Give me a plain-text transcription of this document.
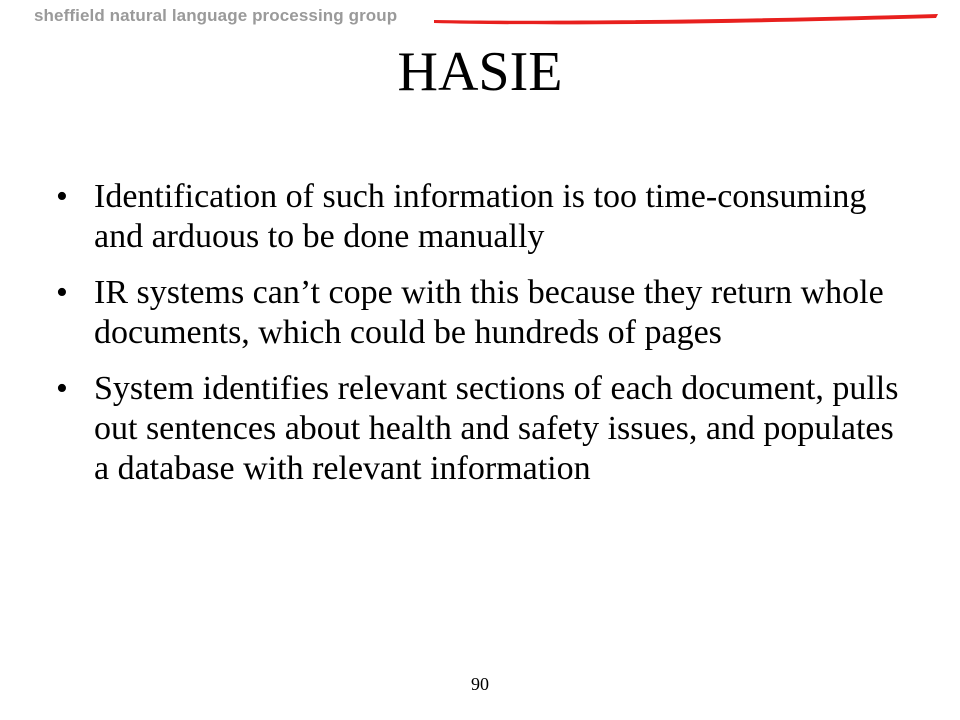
sheffield natural language processing group
HASIE
• Identification of such information is too time-consuming and arduous to be done manually
• IR systems can’t cope with this because they return whole documents, which could be hundreds of pages
• System identifies relevant sections of each document, pulls out sentences about health and safety issues, and populates a database with relevant information
90
